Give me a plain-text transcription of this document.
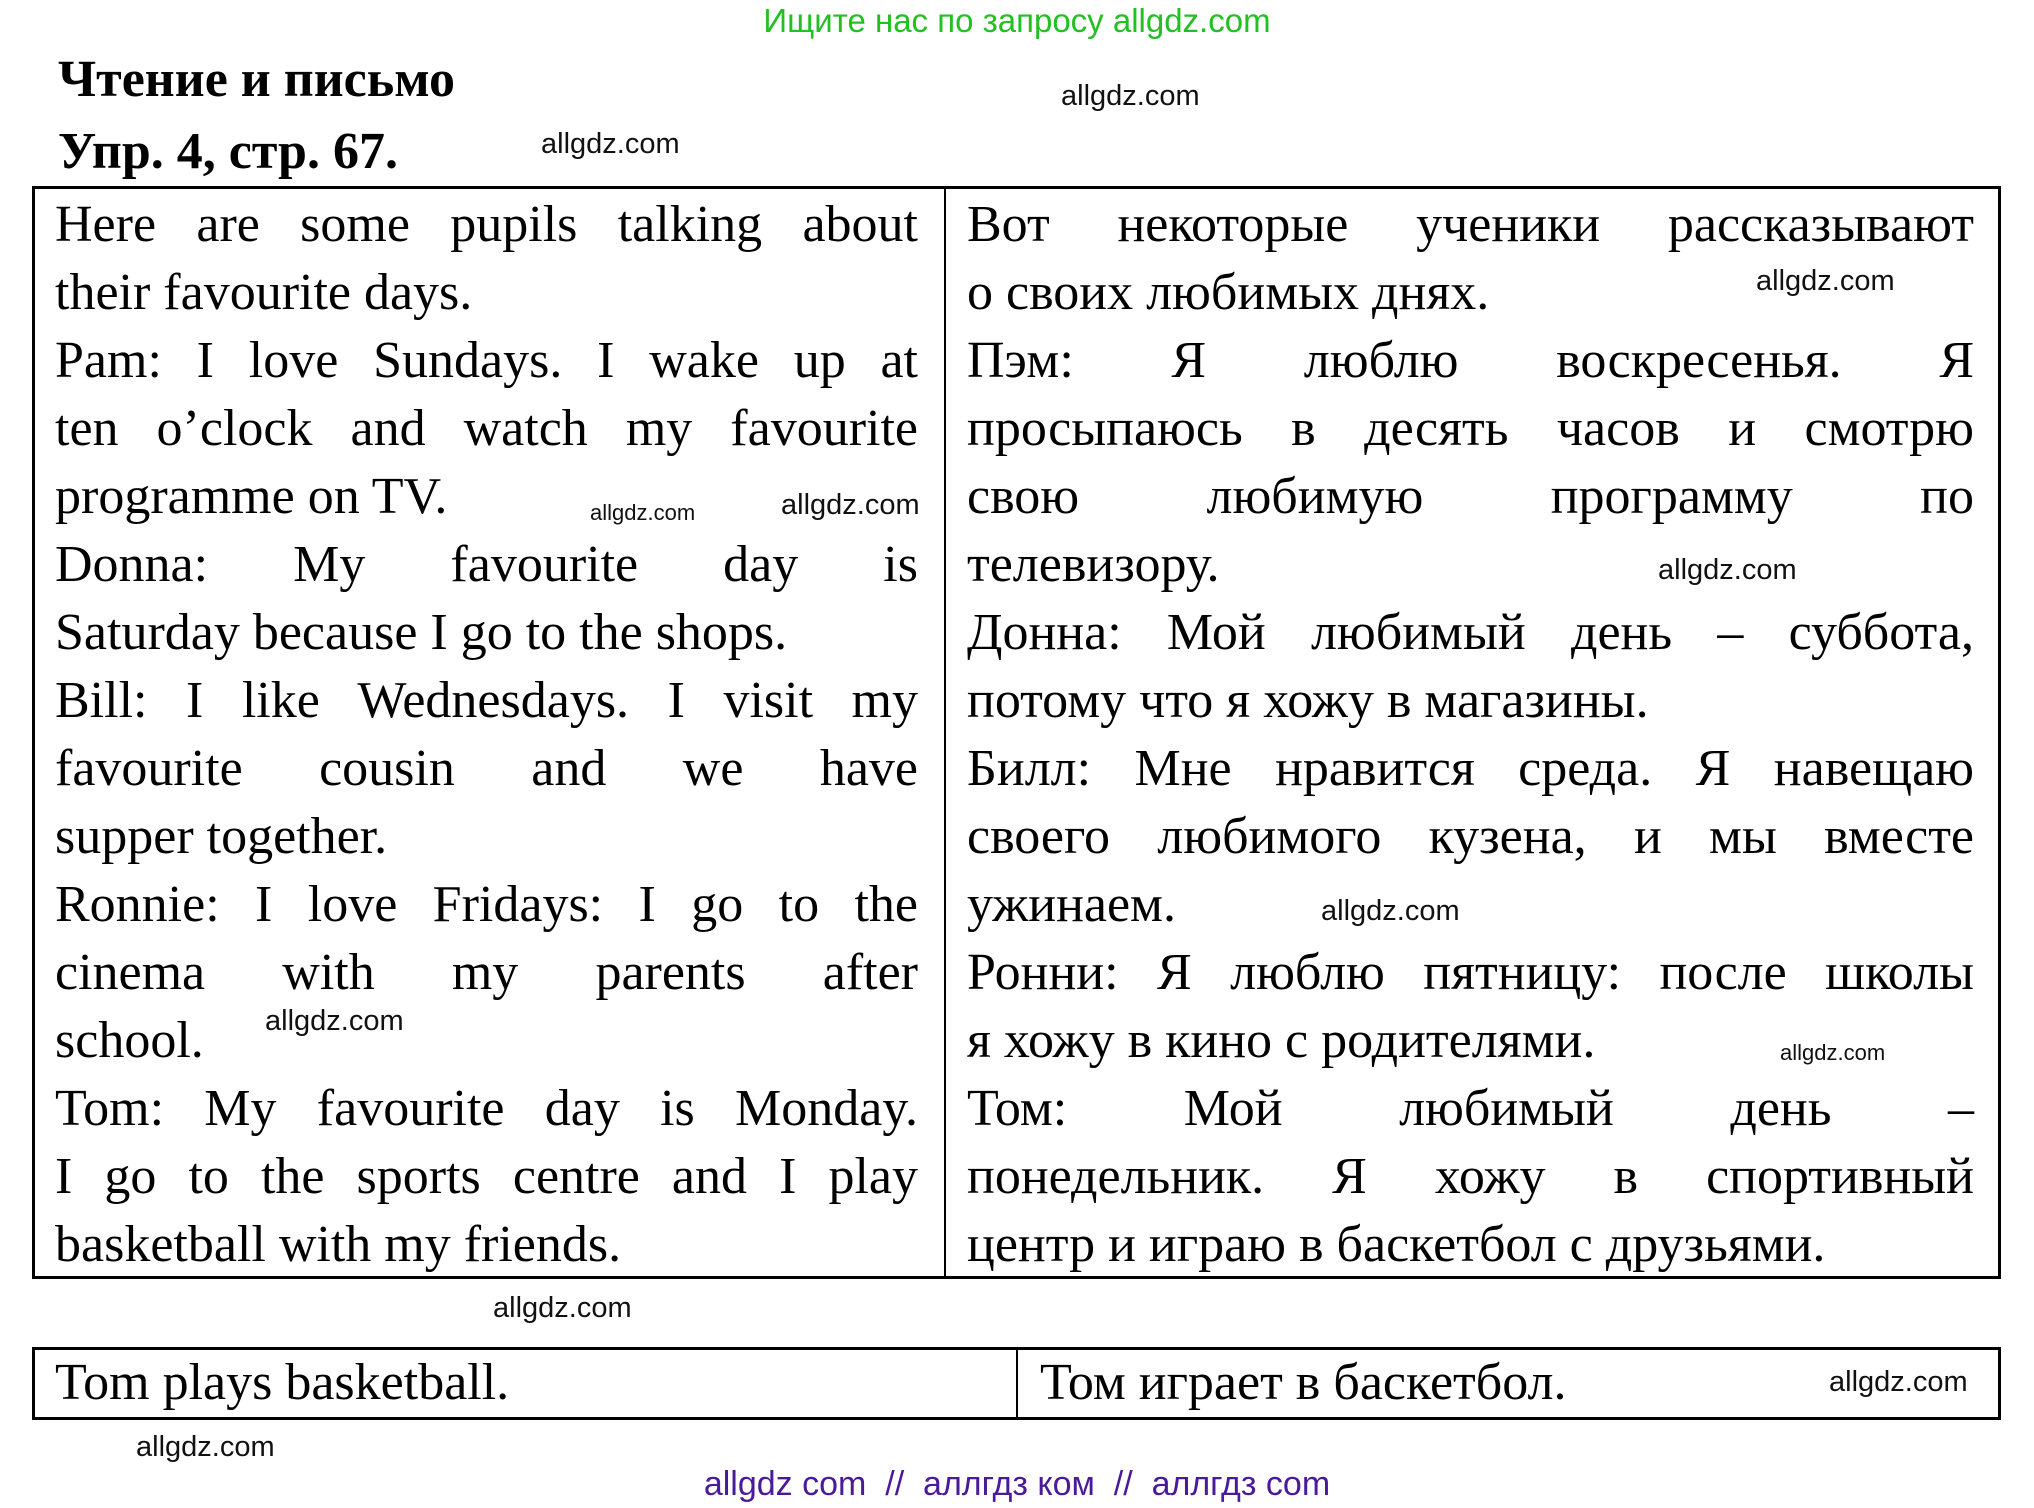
Ищите нас по запросу allgdz.com
Чтение и письмо
Упр. 4, стр. 67.
Here are some pupils talking about
their favourite days.
Pam: I love Sundays. I wake up at
ten o’clock and watch my favourite
programme on TV.
Donna: My favourite day is
Saturday because I go to the shops.
Bill: I like Wednesdays. I visit my
favourite cousin and we have
supper together.
Ronnie: I love Fridays: I go to the
cinema with my parents after
school.
Tom: My favourite day is Monday.
I go to the sports centre and I play
basketball with my friends.
Вот некоторые ученики рассказывают
о своих любимых днях.
Пэм: Я люблю воскресенья. Я
просыпаюсь в десять часов и смотрю
свою любимую программу по
телевизору.
Донна: Мой любимый день – суббота,
потому что я хожу в магазины.
Билл: Мне нравится среда. Я навещаю
своего любимого кузена, и мы вместе
ужинаем.
Ронни: Я люблю пятницу: после школы
я хожу в кино с родителями.
Том: Мой любимый день –
понедельник. Я хожу в спортивный
центр и играю в баскетбол с друзьями.
Tom plays basketball.	Том играет в баскетбол.
allgdz.com
allgdz.com
allgdz.com
allgdz.com	allgdz.com
allgdz.com
allgdz.com
allgdz.com
allgdz.com
allgdz.com
allgdz.com
allgdz.com
allgdz com  //  аллгдз ком  //  аллгдз com
